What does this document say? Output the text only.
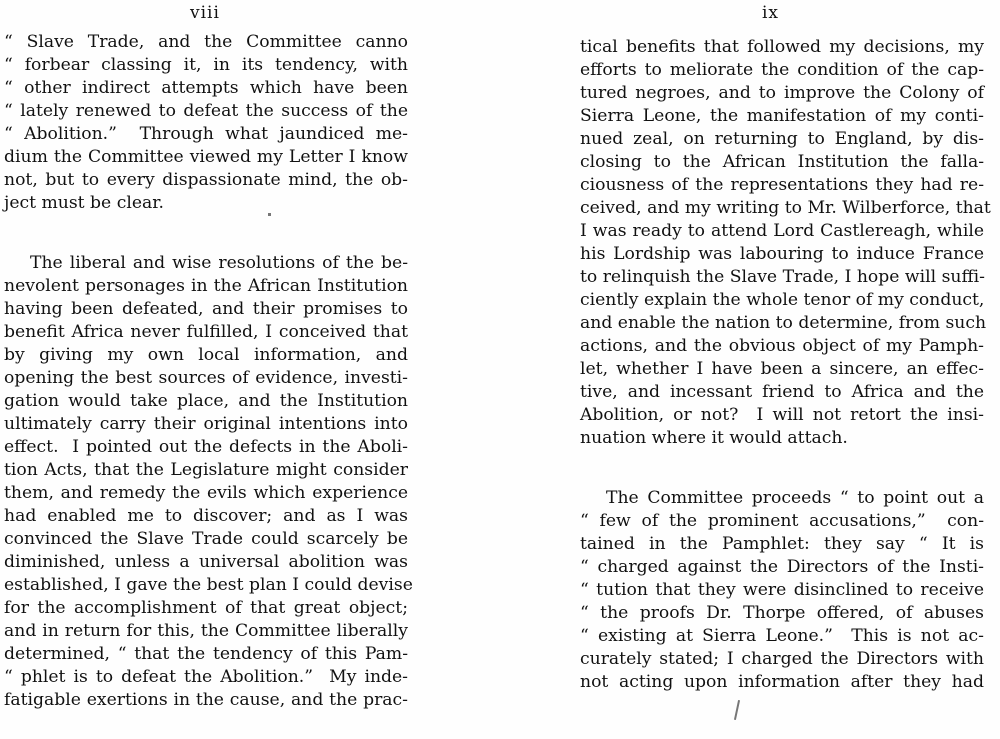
viii
“ Slave Trade, and the Committee canno
“ forbear classing it, in its tendency, with
“ other indirect attempts which have been
“ lately renewed to defeat the success of the
“ Abolition.”  Through what jaundiced me-
dium the Committee viewed my Letter I know
not, but to every dispassionate mind, the ob-
ject must be clear.
The liberal and wise resolutions of the be-
nevolent personages in the African Institution
having been defeated, and their promises to
benefit Africa never fulfilled, I conceived that
by giving my own local information, and
opening the best sources of evidence, investi-
gation would take place, and the Institution
ultimately carry their original intentions into
effect.  I pointed out the defects in the Aboli-
tion Acts, that the Legislature might consider
them, and remedy the evils which experience
had enabled me to discover; and as I was
convinced the Slave Trade could scarcely be
diminished, unless a universal abolition was
established, I gave the best plan I could devise
for the accomplishment of that great object;
and in return for this, the Committee liberally
determined, “ that the tendency of this Pam-
“ phlet is to defeat the Abolition.”  My inde-
fatigable exertions in the cause, and the prac-
ix
tical benefits that followed my decisions, my
efforts to meliorate the condition of the cap-
tured negroes, and to improve the Colony of
Sierra Leone, the manifestation of my conti-
nued zeal, on returning to England, by dis-
closing to the African Institution the falla-
ciousness of the representations they had re-
ceived, and my writing to Mr. Wilberforce, that
I was ready to attend Lord Castlereagh, while
his Lordship was labouring to induce France
to relinquish the Slave Trade, I hope will suffi-
ciently explain the whole tenor of my conduct,
and enable the nation to determine, from such
actions, and the obvious object of my Pamph-
let, whether I have been a sincere, an effec-
tive, and incessant friend to Africa and the
Abolition, or not?  I will not retort the insi-
nuation where it would attach.
The Committee proceeds “ to point out a
“ few of the prominent accusations,”  con-
tained in the Pamphlet: they say “ It is
“ charged against the Directors of the Insti-
“ tution that they were disinclined to receive
“ the proofs Dr. Thorpe offered, of abuses
“ existing at Sierra Leone.”  This is not ac-
curately stated; I charged the Directors with
not acting upon information after they had
